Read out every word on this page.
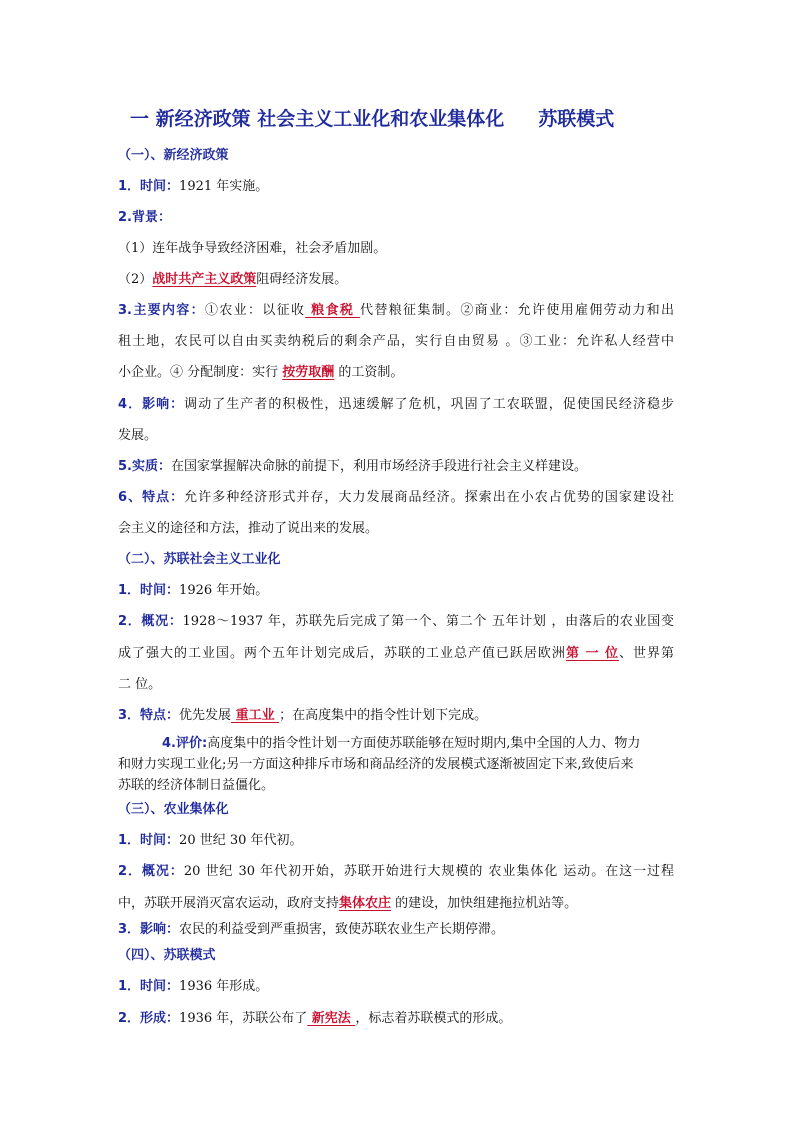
一 新经济政策 社会主义工业化和农业集体化 苏联模式
（一）、新经济政策
1．时间：1921 年实施。
2.背景：
（1）连年战争导致经济困难，社会矛盾加剧。
（2）战时共产主义政策阻碍经济发展。
3.主要内容：①农业：以征收 粮食税 代替粮征集制。②商业：允许使用雇佣劳动力和出
租土地，农民可以自由买卖纳税后的剩余产品，实行自由贸易 。③工业：允许私人经营中
小企业。④ 分配制度：实行 按劳取酬 的工资制。
4．影响：调动了生产者的积极性，迅速缓解了危机，巩固了工农联盟，促使国民经济稳步
发展。
5.实质：在国家掌握解决命脉的前提下，利用市场经济手段进行社会主义样建设。
6、特点：允许多种经济形式并存，大力发展商品经济。探索出在小农占优势的国家建设社
会主义的途径和方法，推动了说出来的发展。
（二）、苏联社会主义工业化
1．时间：1926 年开始。
2．概况：1928～1937 年，苏联先后完成了第一个、第二个 五年计划 ，由落后的农业国变
成了强大的工业国。两个五年计划完成后，苏联的工业总产值已跃居欧洲第 一 位、世界第
二 位。
3．特点：优先发展 重工业 ；在高度集中的指令性计划下完成。
4.评价:高度集中的指令性计划一方面使苏联能够在短时期内,集中全国的人力、物力
和财力实现工业化;另一方面这种排斥市场和商品经济的发展模式逐渐被固定下来,致使后来
苏联的经济体制日益僵化。
（三）、农业集体化
1．时间：20 世纪 30 年代初。
2．概况：20 世纪 30 年代初开始，苏联开始进行大规模的 农业集体化 运动。在这一过程
中，苏联开展消灭富农运动，政府支持集体农庄 的建设，加快组建拖拉机站等。
3．影响：农民的利益受到严重损害，致使苏联农业生产长期停滞。
（四）、苏联模式
1．时间：1936 年形成。
2．形成：1936 年，苏联公布了 新宪法 ，标志着苏联模式的形成。
